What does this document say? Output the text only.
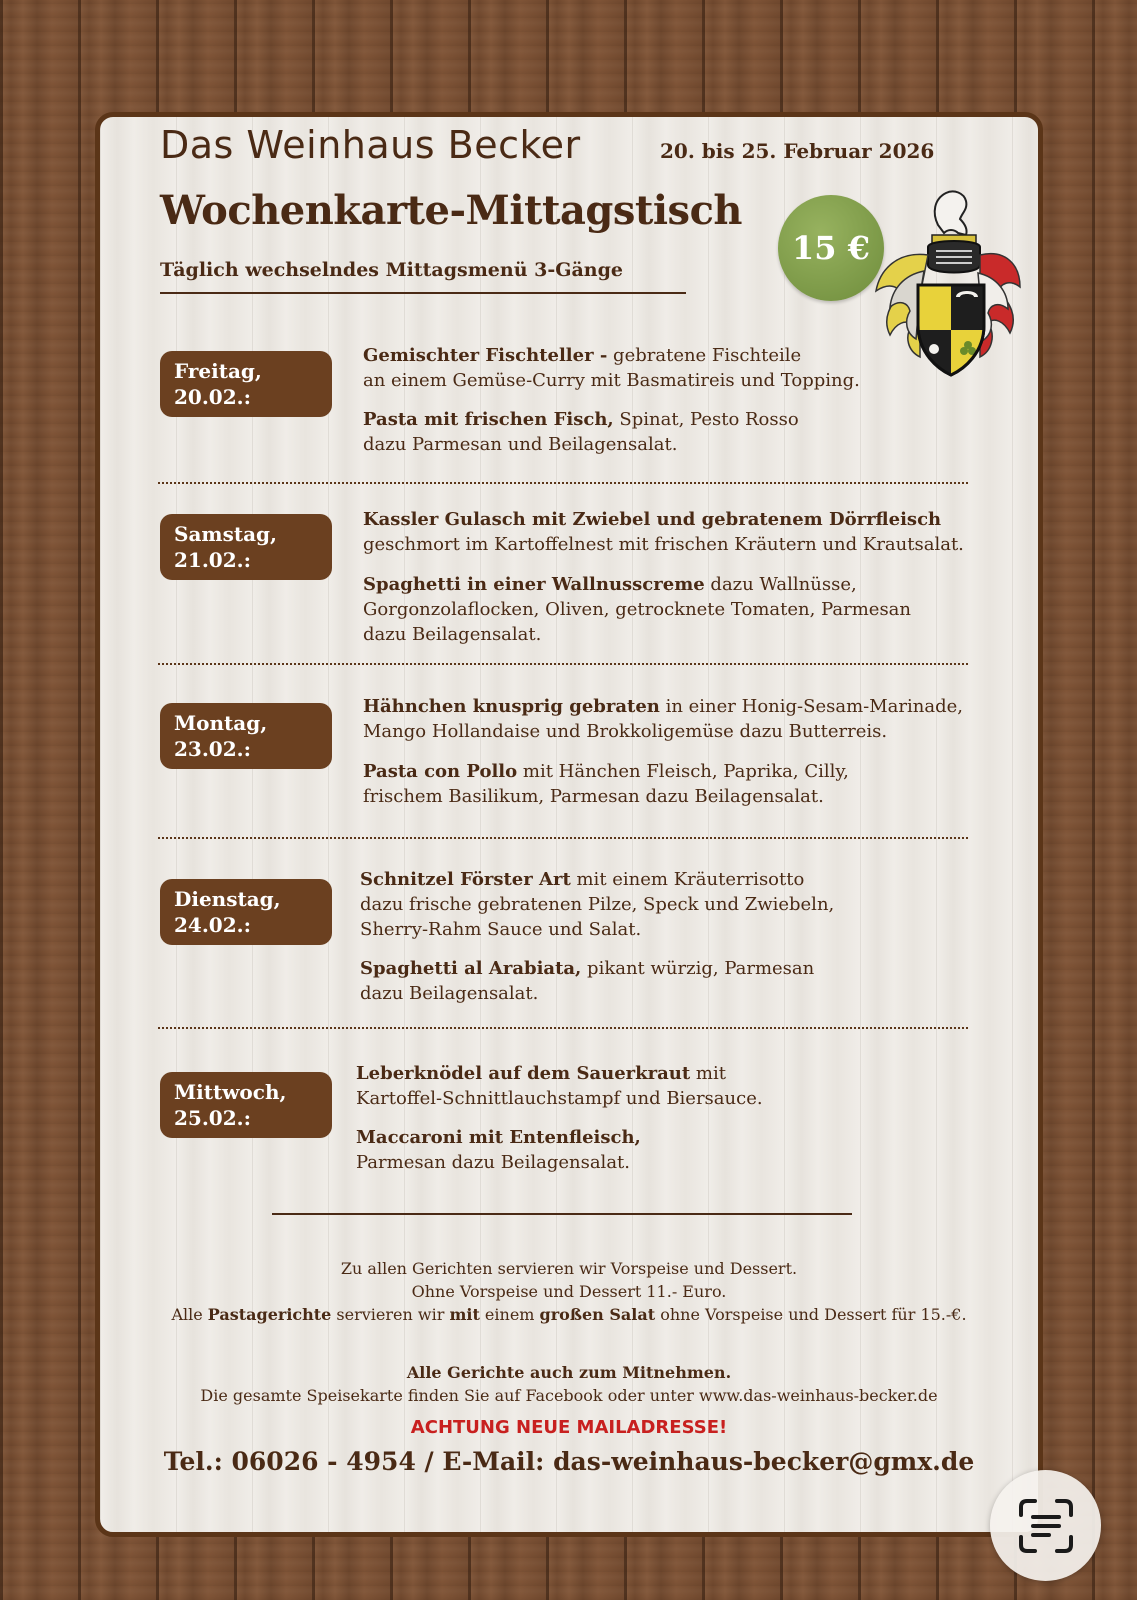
Das Weinhaus Becker	20. bis 25. Februar 2026
Wochenkarte-Mittagstisch
Täglich wechselndes Mittagsmenü 3-Gänge
15 €
Freitag,
20.02.:
Gemischter Fischteller - gebratene Fischteile
an einem Gemüse-Curry mit Basmatireis und Topping.
Pasta mit frischen Fisch, Spinat, Pesto Rosso
dazu Parmesan und Beilagensalat.
Samstag,
21.02.:
Kassler Gulasch mit Zwiebel und gebratenem Dörrfleisch
geschmort im Kartoffelnest mit frischen Kräutern und Krautsalat.
Spaghetti in einer Wallnusscreme dazu Wallnüsse,
Gorgonzolaflocken, Oliven, getrocknete Tomaten, Parmesan
dazu Beilagensalat.
Montag,
23.02.:
Hähnchen knusprig gebraten in einer Honig-Sesam-Marinade,
Mango Hollandaise und Brokkoligemüse dazu Butterreis.
Pasta con Pollo mit Hänchen Fleisch, Paprika, Cilly,
frischem Basilikum, Parmesan dazu Beilagensalat.
Dienstag,
24.02.:
Schnitzel Förster Art mit einem Kräuterrisotto
dazu frische gebratenen Pilze, Speck und Zwiebeln,
Sherry-Rahm Sauce und Salat.
Spaghetti al Arabiata, pikant würzig, Parmesan
dazu Beilagensalat.
Mittwoch,
25.02.:
Leberknödel auf dem Sauerkraut mit
Kartoffel-Schnittlauchstampf und Biersauce.
Maccaroni mit Entenfleisch,
Parmesan dazu Beilagensalat.
Zu allen Gerichten servieren wir Vorspeise und Dessert.
Ohne Vorspeise und Dessert 11.- Euro.
Alle Pastagerichte servieren wir mit einem großen Salat ohne Vorspeise und Dessert für 15.-€.
Alle Gerichte auch zum Mitnehmen.
Die gesamte Speisekarte finden Sie auf Facebook oder unter www.das-weinhaus-becker.de
ACHTUNG NEUE MAILADRESSE!
Tel.: 06026 - 4954 / E-Mail: das-weinhaus-becker@gmx.de
